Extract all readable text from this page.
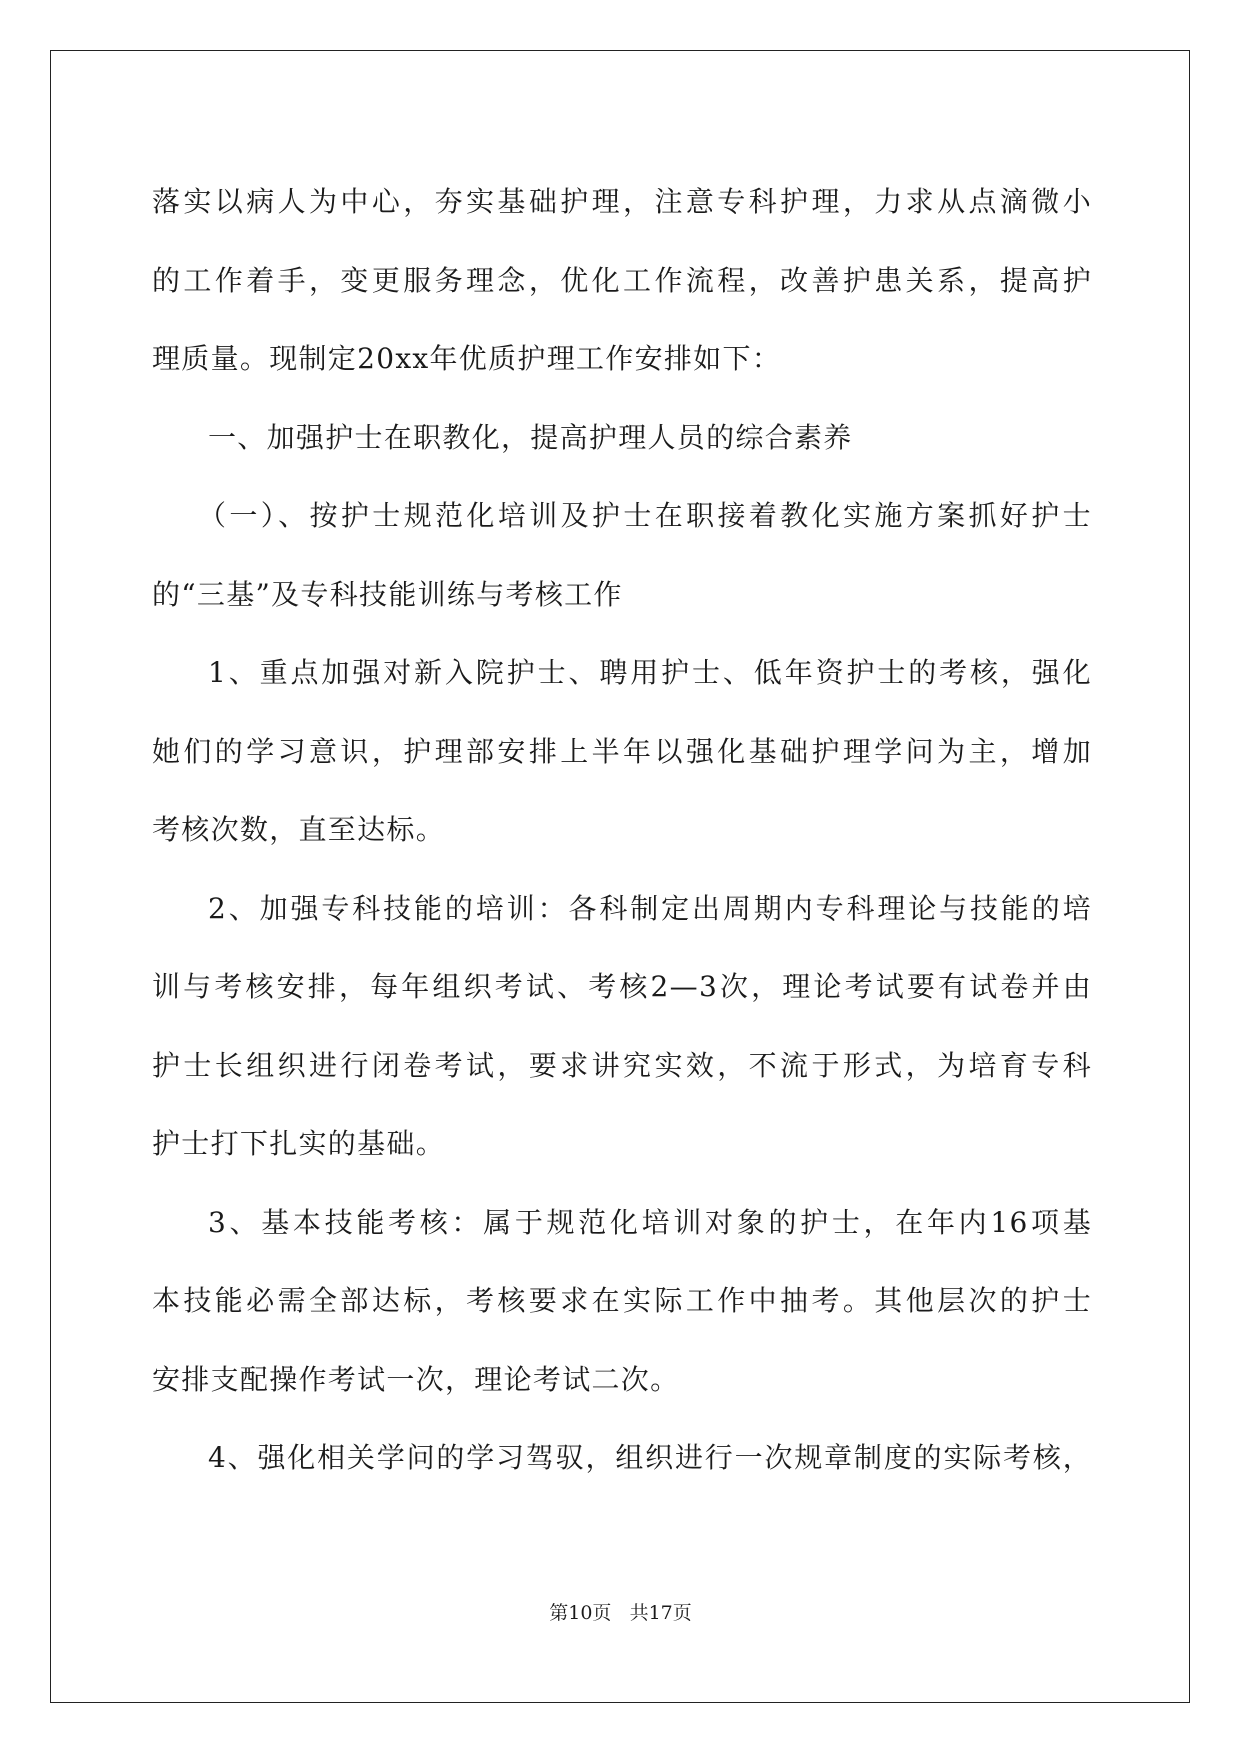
落实以病人为中心，夯实基础护理，注意专科护理，力求从点滴微小
的工作着手，变更服务理念，优化工作流程，改善护患关系，提高护
理质量。现制定20xx年优质护理工作安排如下：
一、加强护士在职教化，提高护理人员的综合素养
（一）、按护士规范化培训及护士在职接着教化实施方案抓好护士
的“三基”及专科技能训练与考核工作
1、重点加强对新入院护士、聘用护士、低年资护士的考核，强化
她们的学习意识，护理部安排上半年以强化基础护理学问为主，增加
考核次数，直至达标。
2、加强专科技能的培训：各科制定出周期内专科理论与技能的培
训与考核安排，每年组织考试、考核2—3次，理论考试要有试卷并由
护士长组织进行闭卷考试，要求讲究实效，不流于形式，为培育专科
护士打下扎实的基础。
3、基本技能考核：属于规范化培训对象的护士，在年内16项基
本技能必需全部达标，考核要求在实际工作中抽考。其他层次的护士
安排支配操作考试一次，理论考试二次。
4、强化相关学问的学习驾驭，组织进行一次规章制度的实际考核，
第10页 共17页
